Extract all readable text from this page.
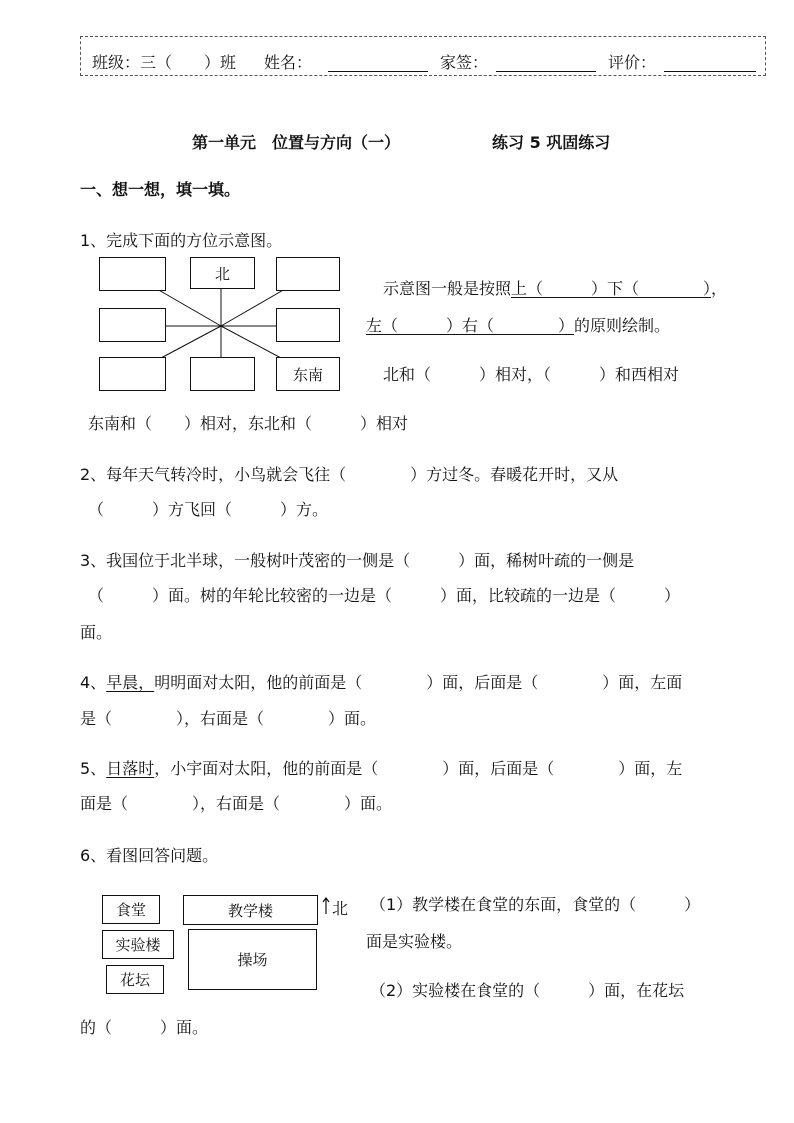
班级：三（　　）班 姓名：	家签：	评价：
第一单元　位置与方向（一）	练习 5 巩固练习
一、想一想，填一填。
1、完成下面的方位示意图。
北
东南
示意图一般是按照上（　　　）下（　　　　），
左（　　　）右（　　　　）的原则绘制。
北和（　　　）相对，（　　　）和西相对
东南和（　　）相对，东北和（　　　）相对
2、每年天气转冷时，小鸟就会飞往（　　　　）方过冬。春暖花开时，又从
（　　　）方飞回（　　　）方。
3、我国位于北半球，一般树叶茂密的一侧是（　　　）面，稀树叶疏的一侧是
（　　　）面。树的年轮比较密的一边是（　　　）面，比较疏的一边是（　　　）
面。
4、早晨，明明面对太阳，他的前面是（　　　　）面，后面是（　　　　）面，左面
是（　　　　），右面是（　　　　）面。
5、日落时，小宇面对太阳，他的前面是（　　　　）面，后面是（　　　　）面，左
面是（　　　　），右面是（　　　　）面。
6、看图回答问题。
食堂
实验楼
花坛
教学楼
操场
北 （1）教学楼在食堂的东面，食堂的（　　　）
面是实验楼。
（2）实验楼在食堂的（　　　）面，在花坛
的（　　　）面。
